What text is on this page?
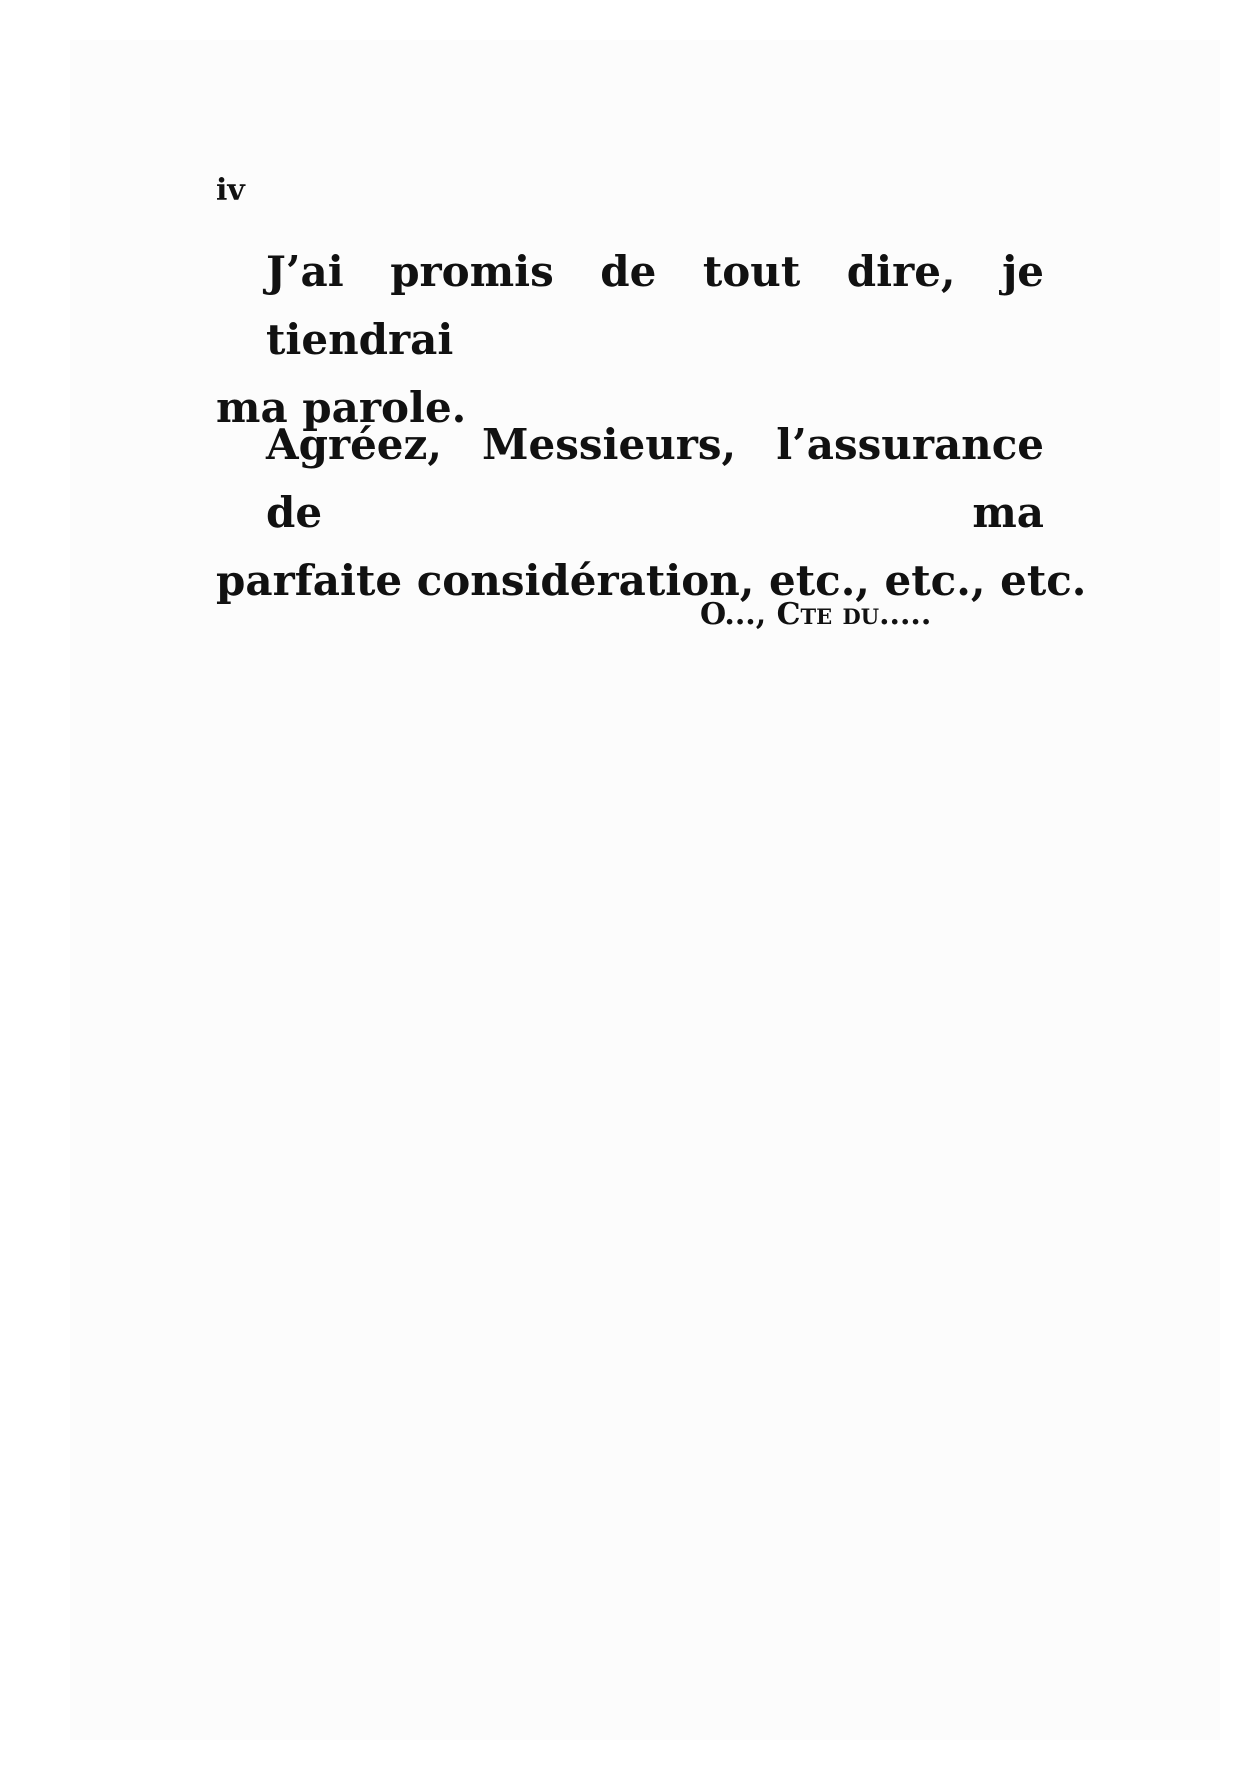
iv

J’ai promis de tout dire, je tiendrai
ma parole.

Agréez, Messieurs, l’assurance de ma
parfaite considération, etc., etc., etc.

O..., Cte du.....
